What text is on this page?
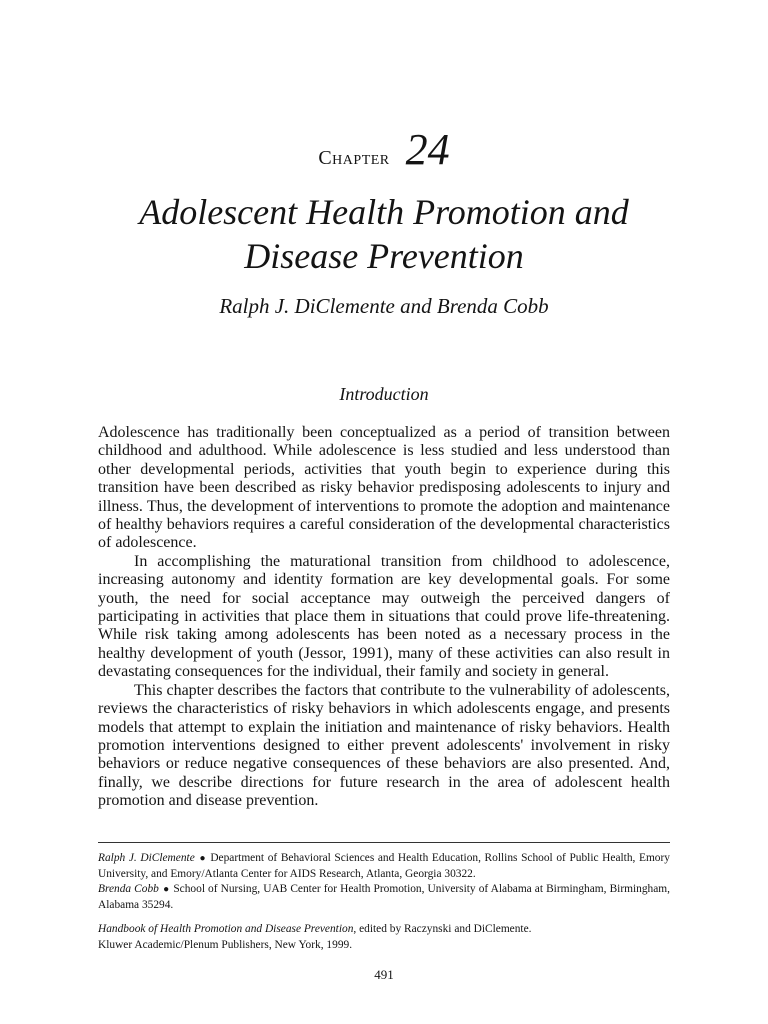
Chapter 24
Adolescent Health Promotion and
Disease Prevention
Ralph J. DiClemente and Brenda Cobb
Introduction

Adolescence has traditionally been conceptualized as a period of transition between childhood and adulthood. While adolescence is less studied and less understood than other developmental periods, activities that youth begin to experience during this transition have been described as risky behavior predisposing adolescents to injury and illness. Thus, the development of interventions to promote the adoption and maintenance of healthy behaviors requires a careful consideration of the developmental characteristics of adolescence.

In accomplishing the maturational transition from childhood to adolescence, increasing autonomy and identity formation are key developmental goals. For some youth, the need for social acceptance may outweigh the perceived dangers of participating in activities that place them in situations that could prove life-threatening. While risk taking among adolescents has been noted as a necessary process in the healthy development of youth (Jessor, 1991), many of these activities can also result in devastating consequences for the individual, their family and society in general.

This chapter describes the factors that contribute to the vulnerability of adolescents, reviews the characteristics of risky behaviors in which adolescents engage, and presents models that attempt to explain the initiation and maintenance of risky behaviors. Health promotion interventions designed to either prevent adolescents' involvement in risky behaviors or reduce negative consequences of these behaviors are also presented. And, finally, we describe directions for future research in the area of adolescent health promotion and disease prevention.

Ralph J. DiClemente ● Department of Behavioral Sciences and Health Education, Rollins School of Public Health, Emory University, and Emory/Atlanta Center for AIDS Research, Atlanta, Georgia 30322.

Brenda Cobb ● School of Nursing, UAB Center for Health Promotion, University of Alabama at Birmingham, Birmingham, Alabama 35294.

Handbook of Health Promotion and Disease Prevention, edited by Raczynski and DiClemente.

Kluwer Academic/Plenum Publishers, New York, 1999.

491
